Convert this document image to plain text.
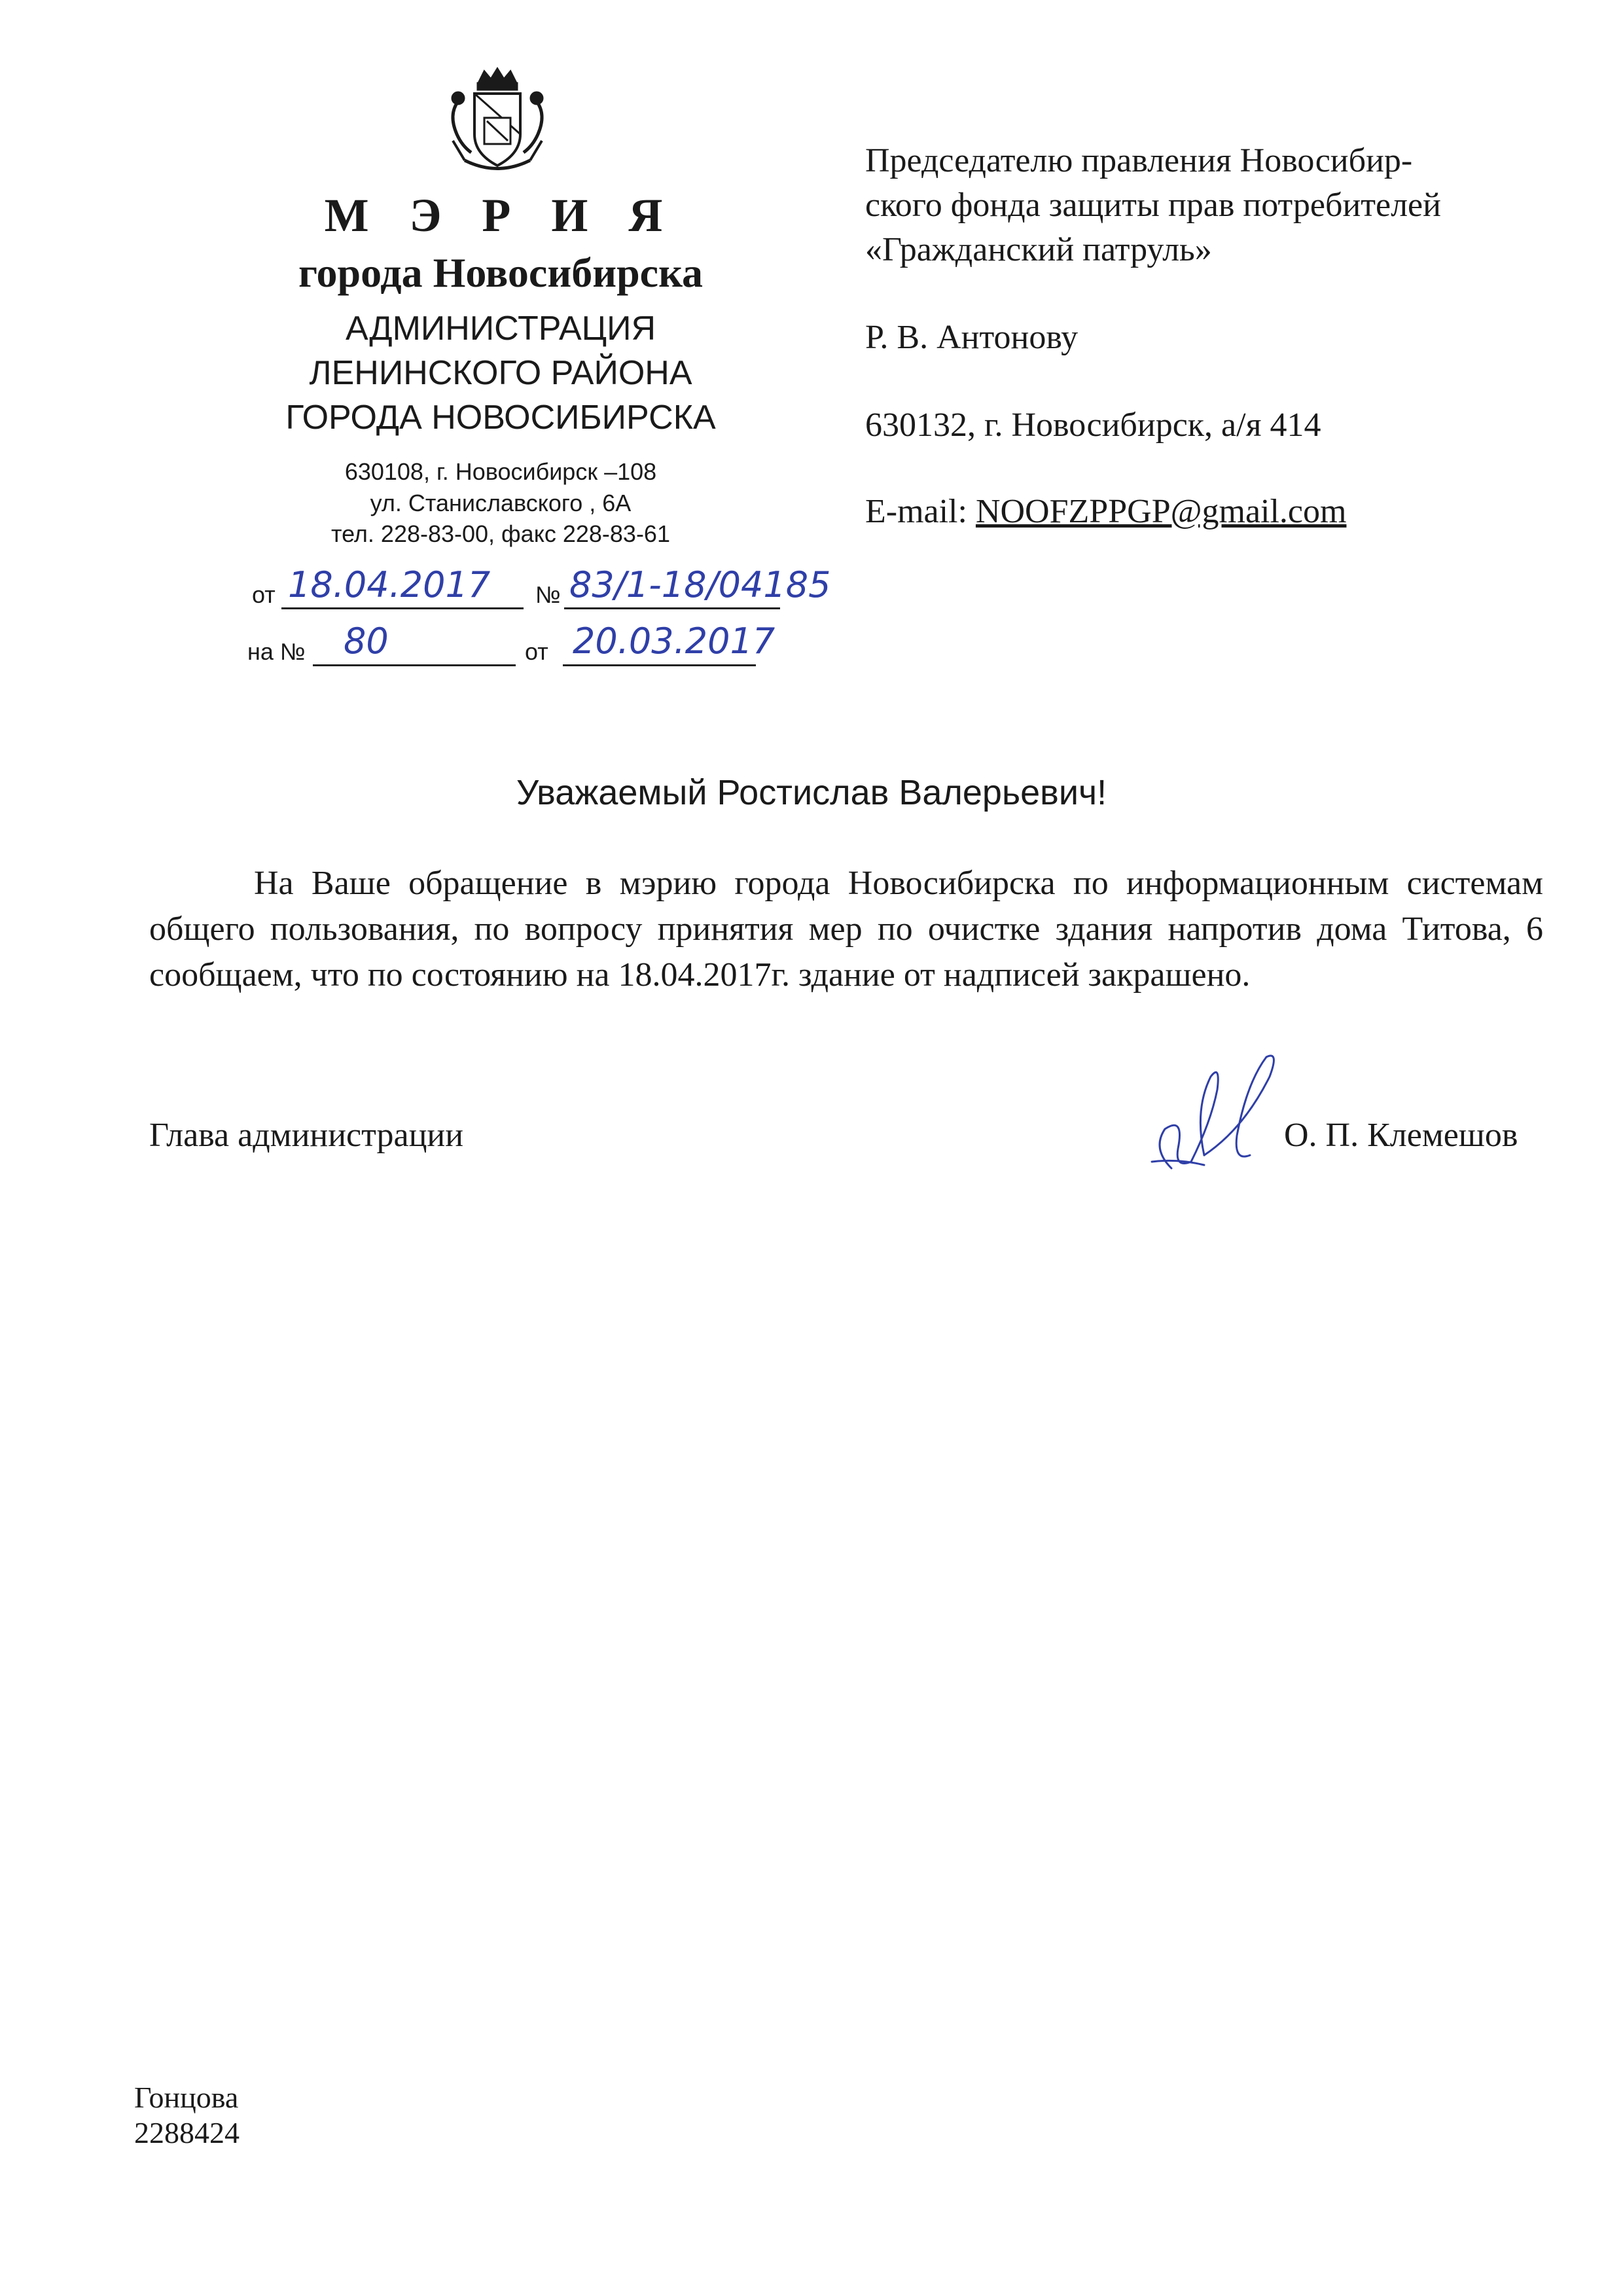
М Э Р И Я
города Новосибирска
АДМИНИСТРАЦИЯ
ЛЕНИНСКОГО РАЙОНА
ГОРОДА НОВОСИБИРСКА
630108, г. Новосибирск –108
ул. Станиславского , 6А
тел. 228-83-00, факс 228-83-61
от 18.04.2017 № 83/1-18/04185
на № 80	от 20.03.2017
Председателю правления Новосибир-
ского фонда защиты прав потребителей
«Гражданский патруль»
Р. В. Антонову
630132, г. Новосибирск, а/я 414
E-mail: NOOFZPPGP@gmail.com
Уважаемый Ростислав Валерьевич!
На Ваше обращение в мэрию города Новосибирска по информационным системам общего пользования, по вопросу принятия мер по очистке здания напротив дома Титова, 6 сообщаем, что по состоянию на 18.04.2017г. здание от надписей закрашено.
Глава администрации	О. П. Клемешов
Гонцова
2288424
